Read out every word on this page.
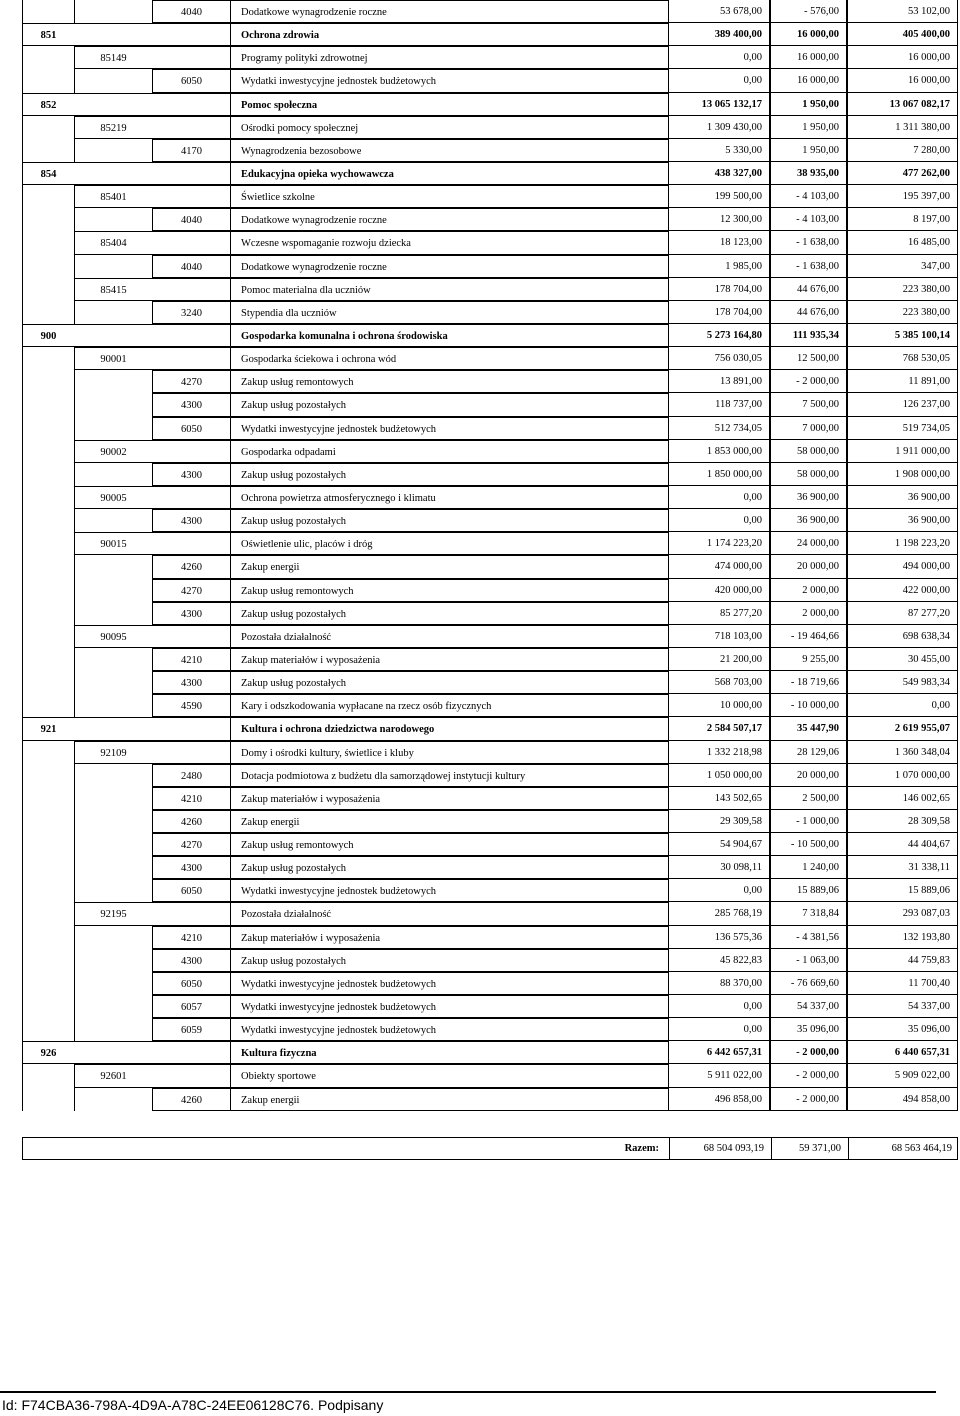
4040	Dodatkowe wynagrodzenie roczne	53 678,00	- 576,00	53 102,00
851	Ochrona zdrowia	389 400,00	16 000,00	405 400,00
85149	Programy polityki zdrowotnej	0,00	16 000,00	16 000,00
6050	Wydatki inwestycyjne jednostek budżetowych	0,00	16 000,00	16 000,00
852	Pomoc społeczna	13 065 132,17	1 950,00	13 067 082,17
85219	Ośrodki pomocy społecznej	1 309 430,00	1 950,00	1 311 380,00
4170	Wynagrodzenia bezosobowe	5 330,00	1 950,00	7 280,00
854	Edukacyjna opieka wychowawcza	438 327,00	38 935,00	477 262,00
85401	Świetlice szkolne	199 500,00	- 4 103,00	195 397,00
4040	Dodatkowe wynagrodzenie roczne	12 300,00	- 4 103,00	8 197,00
85404	Wczesne wspomaganie rozwoju dziecka	18 123,00	- 1 638,00	16 485,00
4040	Dodatkowe wynagrodzenie roczne	1 985,00	- 1 638,00	347,00
85415	Pomoc materialna dla uczniów	178 704,00	44 676,00	223 380,00
3240	Stypendia dla uczniów	178 704,00	44 676,00	223 380,00
900	Gospodarka komunalna i ochrona środowiska	5 273 164,80	111 935,34	5 385 100,14
90001	Gospodarka ściekowa i ochrona wód	756 030,05	12 500,00	768 530,05
4270	Zakup usług remontowych	13 891,00	- 2 000,00	11 891,00
4300	Zakup usług pozostałych	118 737,00	7 500,00	126 237,00
6050	Wydatki inwestycyjne jednostek budżetowych	512 734,05	7 000,00	519 734,05
90002	Gospodarka odpadami	1 853 000,00	58 000,00	1 911 000,00
4300	Zakup usług pozostałych	1 850 000,00	58 000,00	1 908 000,00
90005	Ochrona powietrza atmosferycznego i klimatu	0,00	36 900,00	36 900,00
4300	Zakup usług pozostałych	0,00	36 900,00	36 900,00
90015	Oświetlenie ulic, placów i dróg	1 174 223,20	24 000,00	1 198 223,20
4260	Zakup energii	474 000,00	20 000,00	494 000,00
4270	Zakup usług remontowych	420 000,00	2 000,00	422 000,00
4300	Zakup usług pozostałych	85 277,20	2 000,00	87 277,20
90095	Pozostała działalność	718 103,00	- 19 464,66	698 638,34
4210	Zakup materiałów i wyposażenia	21 200,00	9 255,00	30 455,00
4300	Zakup usług pozostałych	568 703,00	- 18 719,66	549 983,34
4590	Kary i odszkodowania wypłacane na rzecz osób fizycznych	10 000,00	- 10 000,00	0,00
921	Kultura i ochrona dziedzictwa narodowego	2 584 507,17	35 447,90	2 619 955,07
92109	Domy i ośrodki kultury, świetlice i kluby	1 332 218,98	28 129,06	1 360 348,04
2480	Dotacja podmiotowa z budżetu dla samorządowej instytucji kultury	1 050 000,00	20 000,00	1 070 000,00
4210	Zakup materiałów i wyposażenia	143 502,65	2 500,00	146 002,65
4260	Zakup energii	29 309,58	- 1 000,00	28 309,58
4270	Zakup usług remontowych	54 904,67	- 10 500,00	44 404,67
4300	Zakup usług pozostałych	30 098,11	1 240,00	31 338,11
6050	Wydatki inwestycyjne jednostek budżetowych	0,00	15 889,06	15 889,06
92195	Pozostała działalność	285 768,19	7 318,84	293 087,03
4210	Zakup materiałów i wyposażenia	136 575,36	- 4 381,56	132 193,80
4300	Zakup usług pozostałych	45 822,83	- 1 063,00	44 759,83
6050	Wydatki inwestycyjne jednostek budżetowych	88 370,00	- 76 669,60	11 700,40
6057	Wydatki inwestycyjne jednostek budżetowych	0,00	54 337,00	54 337,00
6059	Wydatki inwestycyjne jednostek budżetowych	0,00	35 096,00	35 096,00
926	Kultura fizyczna	6 442 657,31	- 2 000,00	6 440 657,31
92601	Obiekty sportowe	5 911 022,00	- 2 000,00	5 909 022,00
4260	Zakup energii	496 858,00	- 2 000,00	494 858,00
Razem:	68 504 093,19	59 371,00	68 563 464,19
Id: F74CBA36-798A-4D9A-A78C-24EE06128C76. Podpisany
